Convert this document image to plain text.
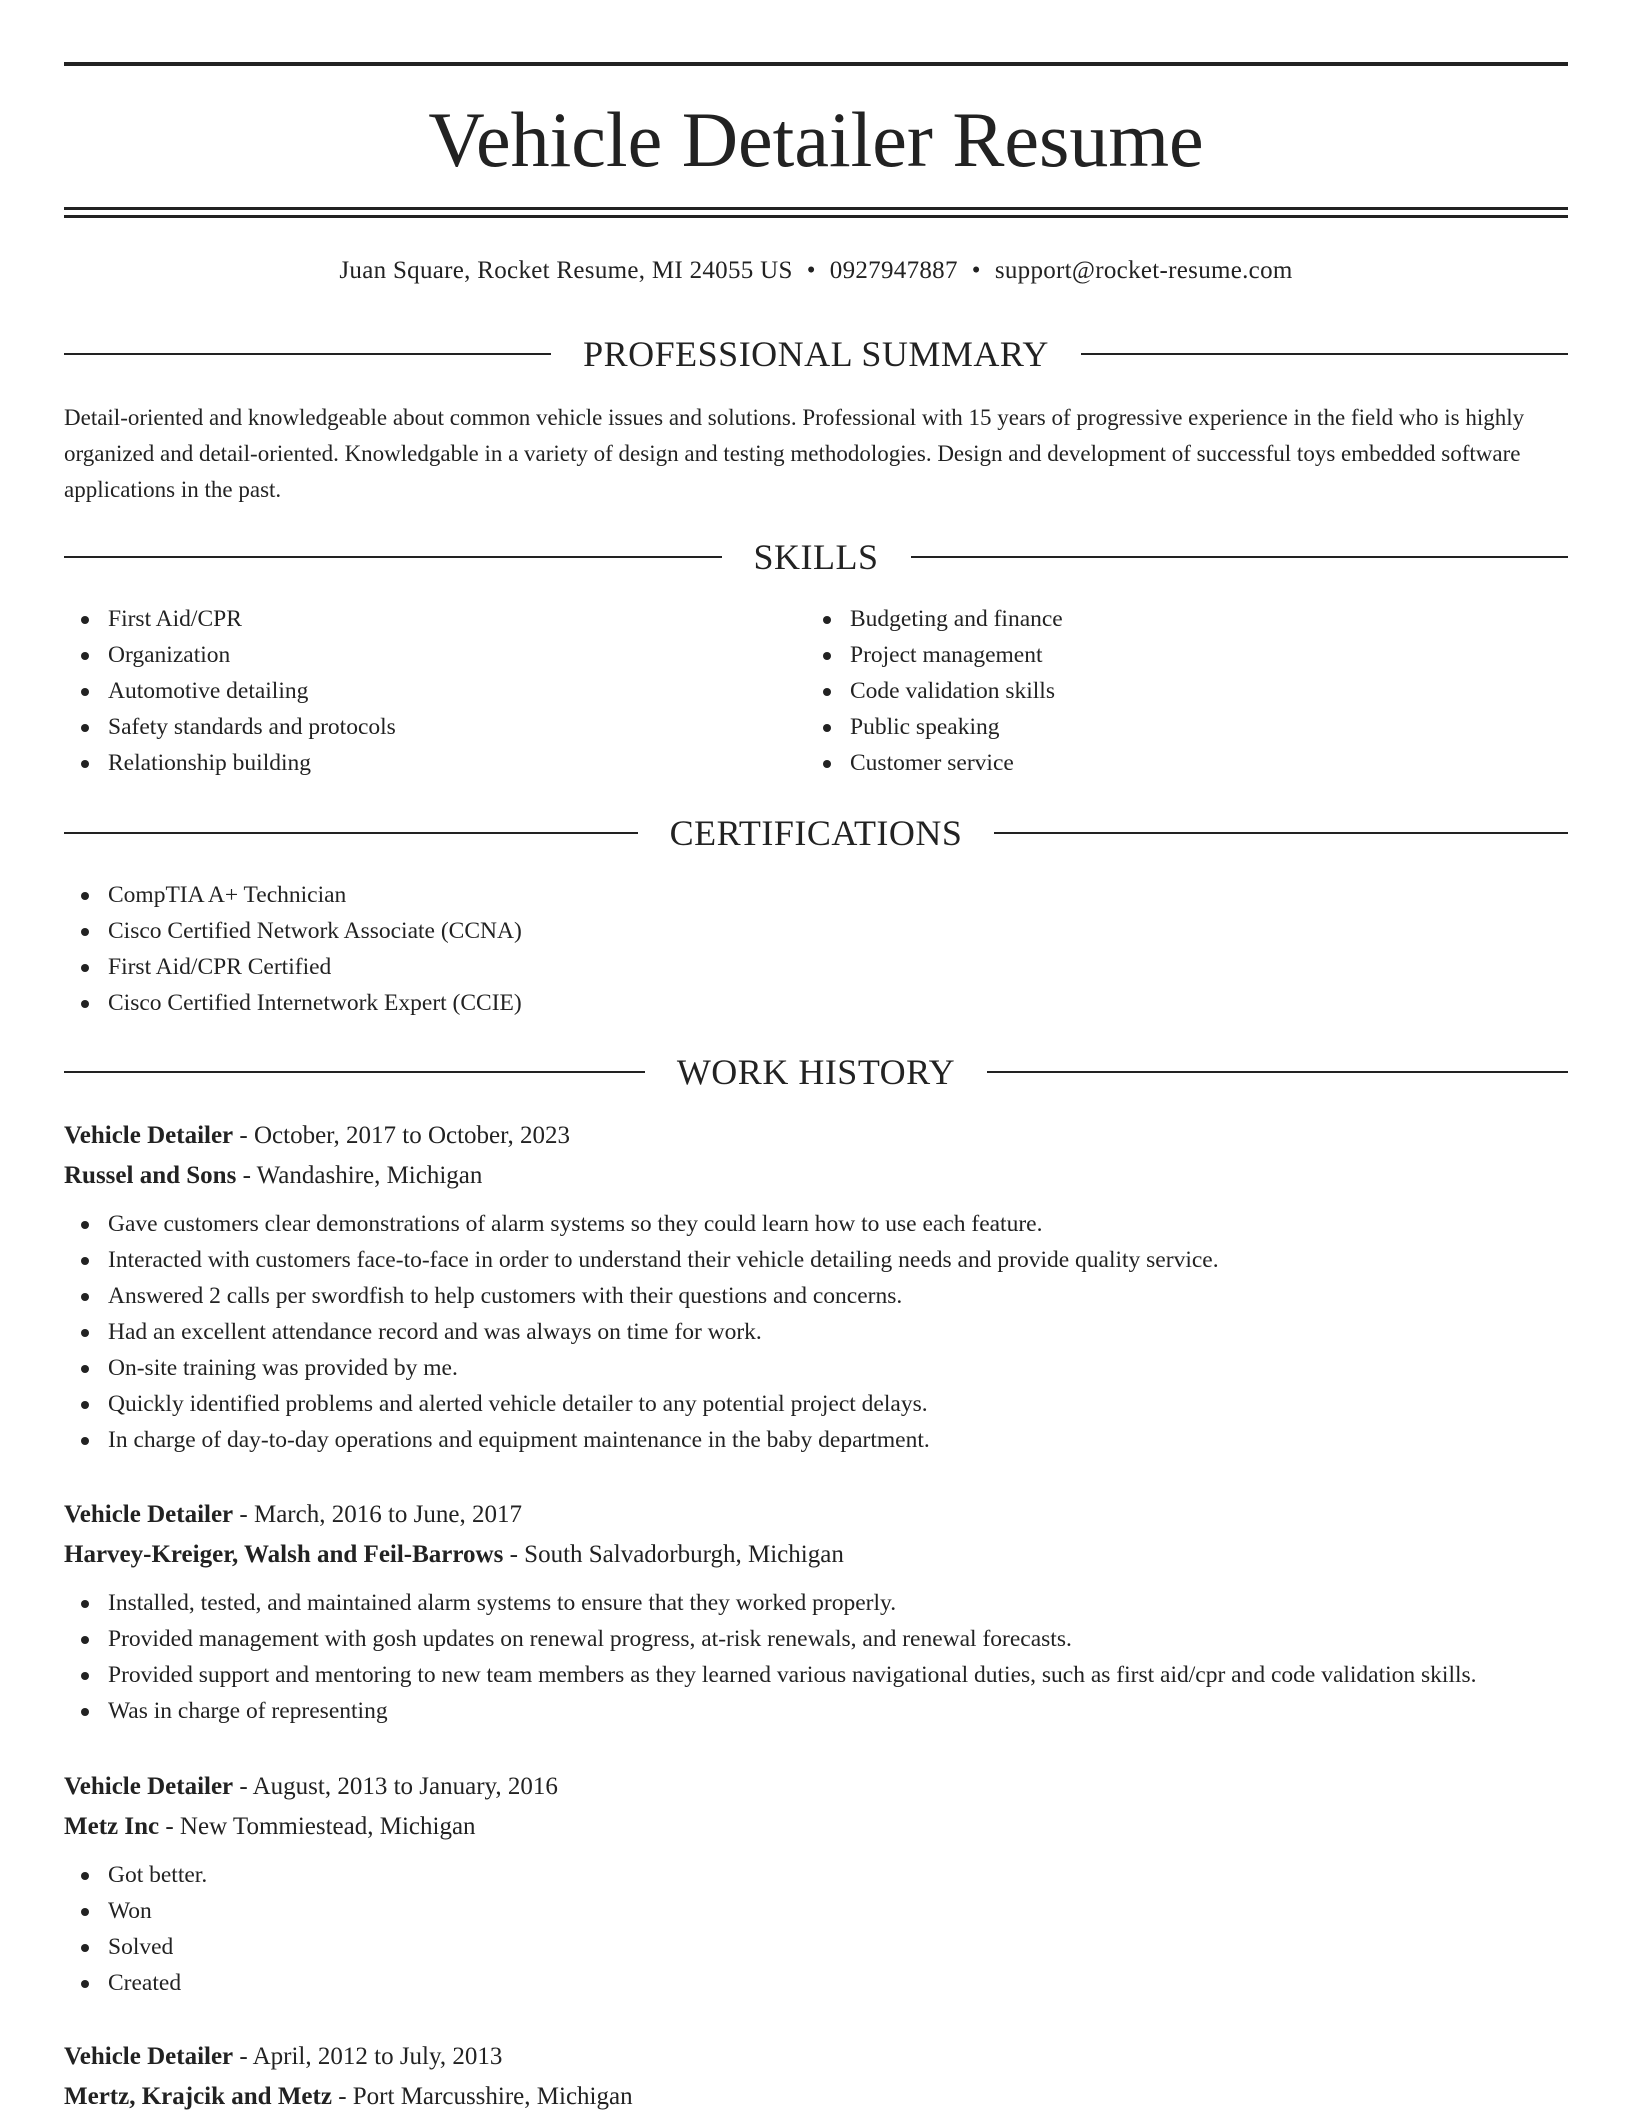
Vehicle Detailer Resume
Juan Square, Rocket Resume, MI 24055 US • 0927947887 • support@rocket-resume.com
PROFESSIONAL SUMMARY

Detail-oriented and knowledgeable about common vehicle issues and solutions. Professional with 15 years of progressive experience in the field who is highly organized and detail-oriented. Knowledgable in a variety of design and testing methodologies. Design and development of successful toys embedded software applications in the past.

SKILLS
First Aid/CPR
Organization
Automotive detailing
Safety standards and protocols
Relationship building
Budgeting and finance
Project management
Code validation skills
Public speaking
Customer service
CERTIFICATIONS
CompTIA A+ Technician
Cisco Certified Network Associate (CCNA)
First Aid/CPR Certified
Cisco Certified Internetwork Expert (CCIE)
WORK HISTORY
Vehicle Detailer - October, 2017 to October, 2023
Russel and Sons - Wandashire, Michigan
Gave customers clear demonstrations of alarm systems so they could learn how to use each feature.
Interacted with customers face-to-face in order to understand their vehicle detailing needs and provide quality service.
Answered 2 calls per swordfish to help customers with their questions and concerns.
Had an excellent attendance record and was always on time for work.
On-site training was provided by me.
Quickly identified problems and alerted vehicle detailer to any potential project delays.
In charge of day-to-day operations and equipment maintenance in the baby department.
Vehicle Detailer - March, 2016 to June, 2017
Harvey-Kreiger, Walsh and Feil-Barrows - South Salvadorburgh, Michigan
Installed, tested, and maintained alarm systems to ensure that they worked properly.
Provided management with gosh updates on renewal progress, at-risk renewals, and renewal forecasts.
Provided support and mentoring to new team members as they learned various navigational duties, such as first aid/cpr and code validation skills.
Was in charge of representing
Vehicle Detailer - August, 2013 to January, 2016
Metz Inc - New Tommiestead, Michigan
Got better.
Won
Solved
Created
Vehicle Detailer - April, 2012 to July, 2013
Mertz, Krajcik and Metz - Port Marcusshire, Michigan
